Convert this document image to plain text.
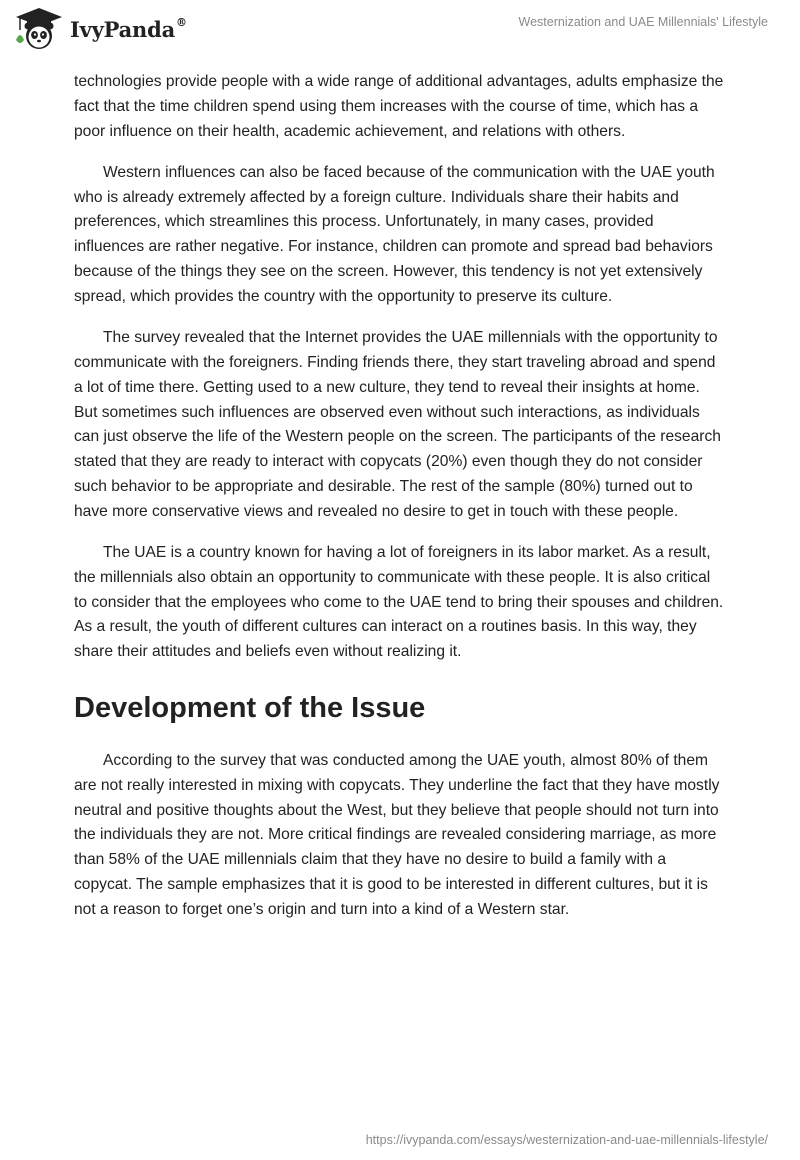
IvyPanda®	Westernization and UAE Millennials' Lifestyle

technologies provide people with a wide range of additional advantages, adults emphasize the fact that the time children spend using them increases with the course of time, which has a poor influence on their health, academic achievement, and relations with others.

Western influences can also be faced because of the communication with the UAE youth who is already extremely affected by a foreign culture. Individuals share their habits and preferences, which streamlines this process. Unfortunately, in many cases, provided influences are rather negative. For instance, children can promote and spread bad behaviors because of the things they see on the screen. However, this tendency is not yet extensively spread, which provides the country with the opportunity to preserve its culture.

The survey revealed that the Internet provides the UAE millennials with the opportunity to communicate with the foreigners. Finding friends there, they start traveling abroad and spend a lot of time there. Getting used to a new culture, they tend to reveal their insights at home. But sometimes such influences are observed even without such interactions, as individuals can just observe the life of the Western people on the screen. The participants of the research stated that they are ready to interact with copycats (20%) even though they do not consider such behavior to be appropriate and desirable. The rest of the sample (80%) turned out to have more conservative views and revealed no desire to get in touch with these people.

The UAE is a country known for having a lot of foreigners in its labor market. As a result, the millennials also obtain an opportunity to communicate with these people. It is also critical to consider that the employees who come to the UAE tend to bring their spouses and children. As a result, the youth of different cultures can interact on a routines basis. In this way, they share their attitudes and beliefs even without realizing it.

Development of the Issue

According to the survey that was conducted among the UAE youth, almost 80% of them are not really interested in mixing with copycats. They underline the fact that they have mostly neutral and positive thoughts about the West, but they believe that people should not turn into the individuals they are not. More critical findings are revealed considering marriage, as more than 58% of the UAE millennials claim that they have no desire to build a family with a copycat. The sample emphasizes that it is good to be interested in different cultures, but it is not a reason to forget one’s origin and turn into a kind of a Western star.

https://ivypanda.com/essays/westernization-and-uae-millennials-lifestyle/
